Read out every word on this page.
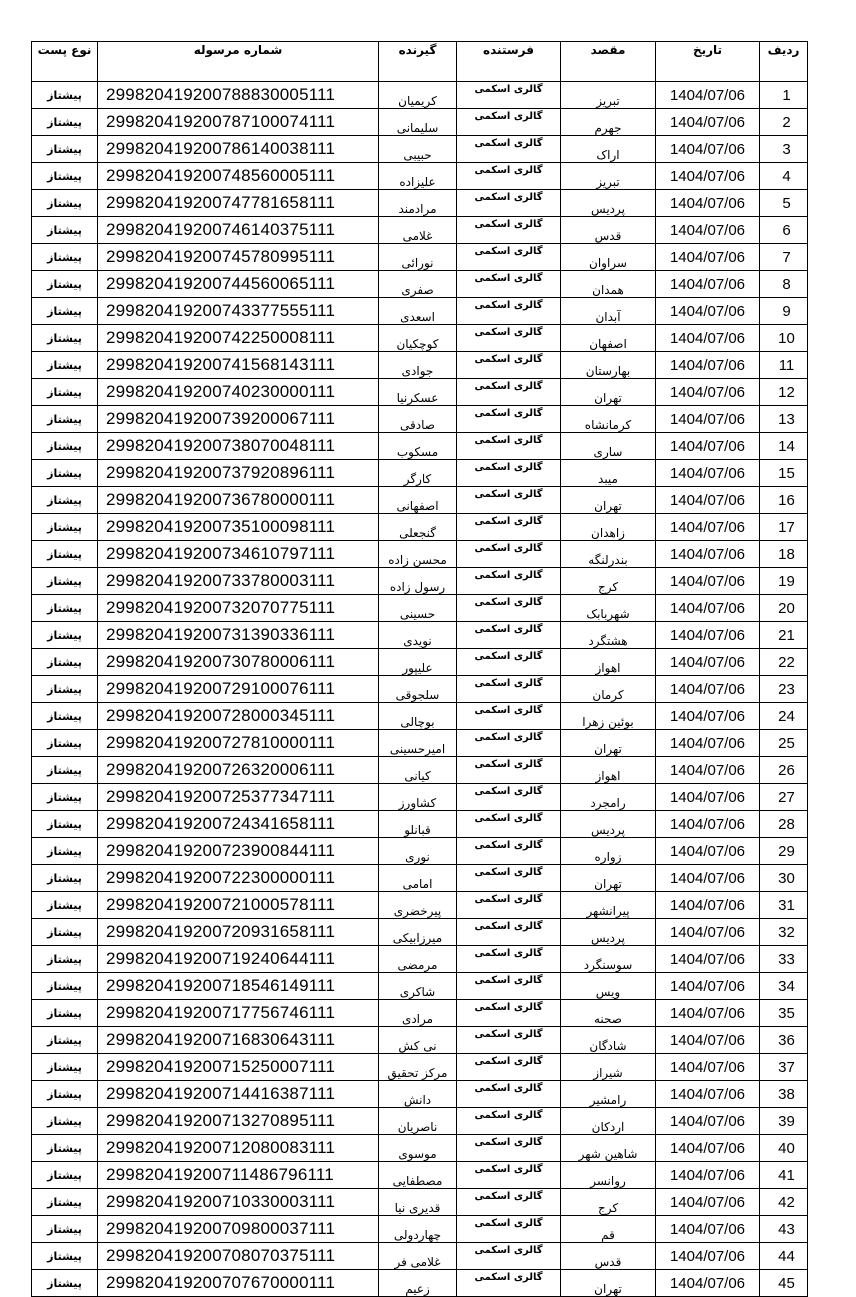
ردیف	تاریخ	مقصد	فرستنده	گیرنده	شماره مرسوله	نوع پست
1	1404/07/06	تبریز	گالری اسکمی	کریمیان	299820419200788830005111	پیشتاز
2	1404/07/06	جهرم	گالری اسکمی	سلیمانی	299820419200787100074111	پیشتاز
3	1404/07/06	اراک	گالری اسکمی	حبیبی	299820419200786140038111	پیشتاز
4	1404/07/06	تبریز	گالری اسکمی	علیزاده	299820419200748560005111	پیشتاز
5	1404/07/06	پردیس	گالری اسکمی	مرادمند	299820419200747781658111	پیشتاز
6	1404/07/06	قدس	گالری اسکمی	غلامی	299820419200746140375111	پیشتاز
7	1404/07/06	سراوان	گالری اسکمی	نورائی	299820419200745780995111	پیشتاز
8	1404/07/06	همدان	گالری اسکمی	صفری	299820419200744560065111	پیشتاز
9	1404/07/06	آبدان	گالری اسکمی	اسعدی	299820419200743377555111	پیشتاز
10	1404/07/06	اصفهان	گالری اسکمی	کوچکیان	299820419200742250008111	پیشتاز
11	1404/07/06	بهارستان	گالری اسکمی	جوادی	299820419200741568143111	پیشتاز
12	1404/07/06	تهران	گالری اسکمی	عسکرنیا	299820419200740230000111	پیشتاز
13	1404/07/06	کرمانشاه	گالری اسکمی	صادقی	299820419200739200067111	پیشتاز
14	1404/07/06	ساری	گالری اسکمی	مسکوب	299820419200738070048111	پیشتاز
15	1404/07/06	میبد	گالری اسکمی	کارگر	299820419200737920896111	پیشتاز
16	1404/07/06	تهران	گالری اسکمی	اصفهانی	299820419200736780000111	پیشتاز
17	1404/07/06	زاهدان	گالری اسکمی	گنجعلی	299820419200735100098111	پیشتاز
18	1404/07/06	بندرلنگه	گالری اسکمی	محسن زاده	299820419200734610797111	پیشتاز
19	1404/07/06	کرج	گالری اسکمی	رسول زاده	299820419200733780003111	پیشتاز
20	1404/07/06	شهربابک	گالری اسکمی	حسینی	299820419200732070775111	پیشتاز
21	1404/07/06	هشتگرد	گالری اسکمی	نویدی	299820419200731390336111	پیشتاز
22	1404/07/06	اهواز	گالری اسکمی	علیپور	299820419200730780006111	پیشتاز
23	1404/07/06	کرمان	گالری اسکمی	سلجوقی	299820419200729100076111	پیشتاز
24	1404/07/06	بوئین زهرا	گالری اسکمی	بوچالی	299820419200728000345111	پیشتاز
25	1404/07/06	تهران	گالری اسکمی	امیرحسینی	299820419200727810000111	پیشتاز
26	1404/07/06	اهواز	گالری اسکمی	کیانی	299820419200726320006111	پیشتاز
27	1404/07/06	رامجرد	گالری اسکمی	کشاورز	299820419200725377347111	پیشتاز
28	1404/07/06	پردیس	گالری اسکمی	قبانلو	299820419200724341658111	پیشتاز
29	1404/07/06	زواره	گالری اسکمی	نوری	299820419200723900844111	پیشتاز
30	1404/07/06	تهران	گالری اسکمی	امامی	299820419200722300000111	پیشتاز
31	1404/07/06	پیرانشهر	گالری اسکمی	پیرخضری	299820419200721000578111	پیشتاز
32	1404/07/06	پردیس	گالری اسکمی	میرزابیکی	299820419200720931658111	پیشتاز
33	1404/07/06	سوسنگرد	گالری اسکمی	مرمضی	299820419200719240644111	پیشتاز
34	1404/07/06	ویس	گالری اسکمی	شاکری	299820419200718546149111	پیشتاز
35	1404/07/06	صحنه	گالری اسکمی	مرادی	299820419200717756746111	پیشتاز
36	1404/07/06	شادگان	گالری اسکمی	نی کش	299820419200716830643111	پیشتاز
37	1404/07/06	شیراز	گالری اسکمی	مرکز تحقیق	299820419200715250007111	پیشتاز
38	1404/07/06	رامشیر	گالری اسکمی	دانش	299820419200714416387111	پیشتاز
39	1404/07/06	اردکان	گالری اسکمی	ناصریان	299820419200713270895111	پیشتاز
40	1404/07/06	شاهین شهر	گالری اسکمی	موسوی	299820419200712080083111	پیشتاز
41	1404/07/06	روانسر	گالری اسکمی	مصطفایی	299820419200711486796111	پیشتاز
42	1404/07/06	کرج	گالری اسکمی	قدیری نیا	299820419200710330003111	پیشتاز
43	1404/07/06	قم	گالری اسکمی	چهاردولی	299820419200709800037111	پیشتاز
44	1404/07/06	قدس	گالری اسکمی	غلامی فر	299820419200708070375111	پیشتاز
45	1404/07/06	تهران	گالری اسکمی	زعیم	299820419200707670000111	پیشتاز
